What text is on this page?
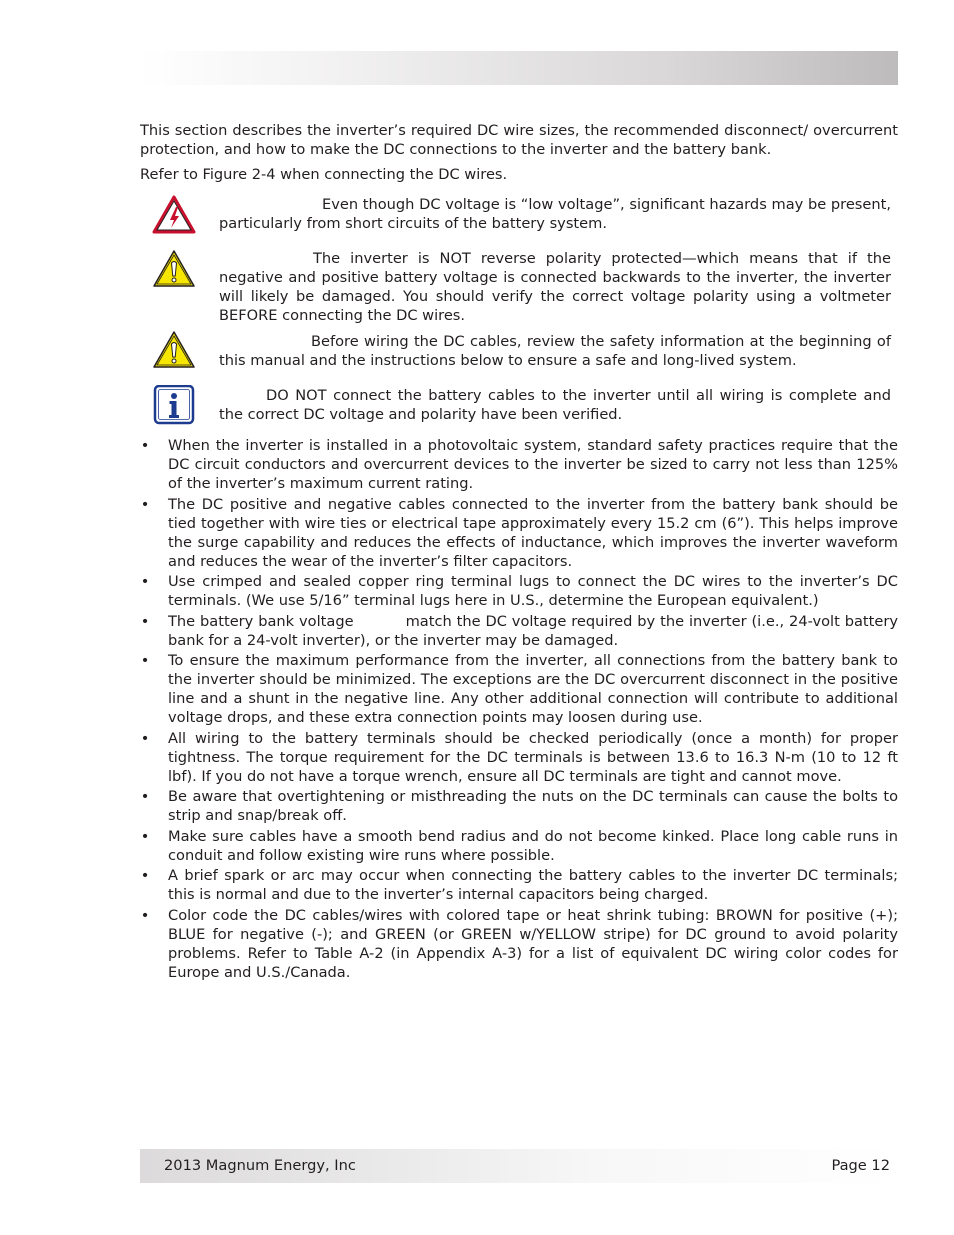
This section describes the inverter’s required DC wire sizes, the recommended disconnect/ overcurrent protection, and how to make the DC connections to the inverter and the battery bank.

Refer to Figure 2-4 when connecting the DC wires.

Even though DC voltage is “low voltage”, significant hazards may be present, particularly from short circuits of the battery system.
The inverter is NOT reverse polarity protected—which means that if the negative and positive battery voltage is connected backwards to the inverter, the inverter will likely be damaged. You should verify the correct voltage polarity using a voltmeter BEFORE connecting the DC wires.
Before wiring the DC cables, review the safety information at the beginning of this manual and the instructions below to ensure a safe and long-lived system.
DO NOT connect the battery cables to the inverter until all wiring is complete and the correct DC voltage and polarity have been verified.
• When the inverter is installed in a photovoltaic system, standard safety practices require that the DC circuit conductors and overcurrent devices to the inverter be sized to carry not less than 125% of the inverter’s maximum current rating.
• The DC positive and negative cables connected to the inverter from the battery bank should be tied together with wire ties or electrical tape approximately every 15.2 cm (6”). This helps improve the surge capability and reduces the effects of inductance, which improves the inverter waveform and reduces the wear of the inverter’s filter capacitors.
• Use crimped and sealed copper ring terminal lugs to connect the DC wires to the inverter’s DC terminals. (We use 5/16” terminal lugs here in U.S., determine the European equivalent.)
• The battery bank voltage	match the DC voltage required by the inverter (i.e., 24-volt battery bank for a 24-volt inverter), or the inverter may be damaged.
• To ensure the maximum performance from the inverter, all connections from the battery bank to the inverter should be minimized. The exceptions are the DC overcurrent disconnect in the positive line and a shunt in the negative line. Any other additional connection will contribute to additional voltage drops, and these extra connection points may loosen during use.
• All wiring to the battery terminals should be checked periodically (once a month) for proper tightness. The torque requirement for the DC terminals is between 13.6 to 16.3 N-m (10 to 12 ft lbf). If you do not have a torque wrench, ensure all DC terminals are tight and cannot move.
• Be aware that overtightening or misthreading the nuts on the DC terminals can cause the bolts to strip and snap/break off.
• Make sure cables have a smooth bend radius and do not become kinked. Place long cable runs in conduit and follow existing wire runs where possible.
• A brief spark or arc may occur when connecting the battery cables to the inverter DC terminals; this is normal and due to the inverter’s internal capacitors being charged.
• Color code the DC cables/wires with colored tape or heat shrink tubing: BROWN for positive (+); BLUE for negative (-); and GREEN (or GREEN w/YELLOW stripe) for DC ground to avoid polarity problems. Refer to Table A-2 (in Appendix A-3) for a list of equivalent DC wiring color codes for Europe and U.S./Canada.
2013 Magnum Energy, Inc	Page 12
